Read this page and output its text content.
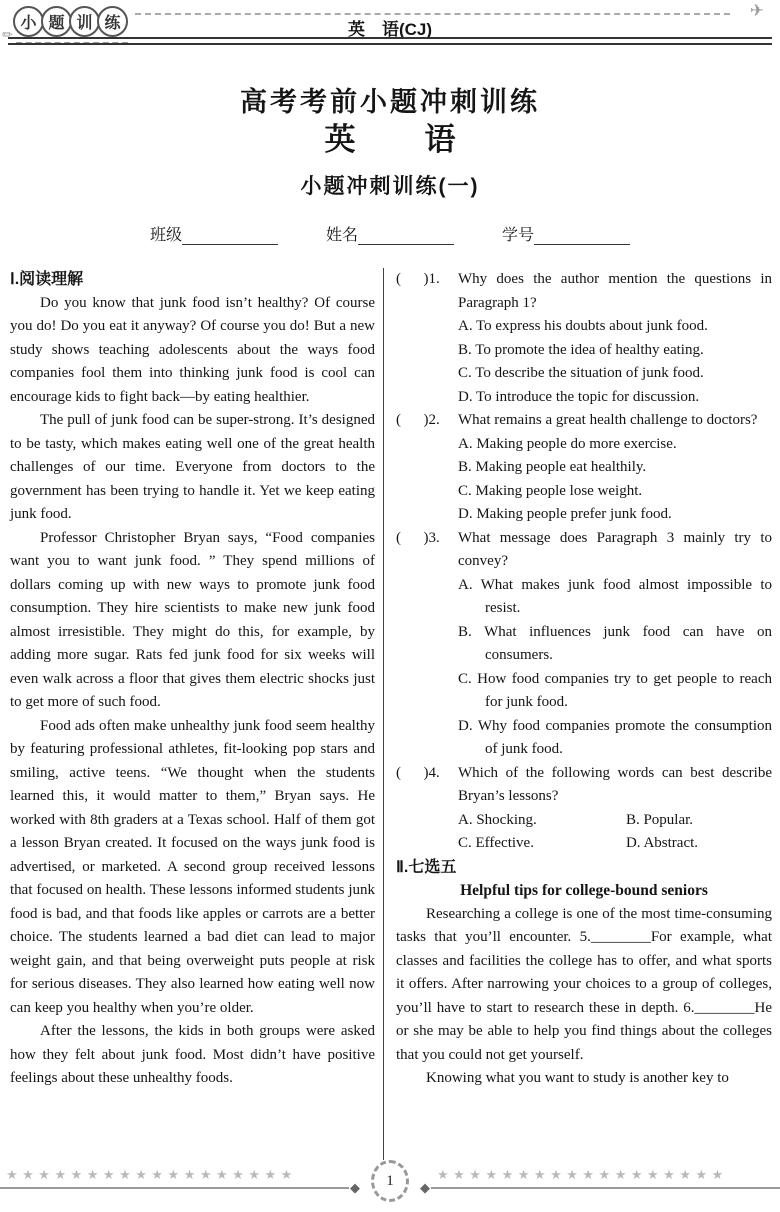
小 题 训 练
✏
✈
英　语(CJ)
高考考前小题冲刺训练
英        语
小题冲刺训练(一)
班级	姓名	学号
Ⅰ.阅读理解

Do you know that junk food isn’t healthy? Of course you do! Do you eat it anyway? Of course you do! But a new study shows teaching adolescents about the ways food companies fool them into thinking junk food is cool can encourage kids to fight back—by eating healthier.

The pull of junk food can be super-strong. It’s designed to be tasty, which makes eating well one of the great health challenges of our time. Everyone from doctors to the government has been trying to handle it. Yet we keep eating junk food.

Professor Christopher Bryan says, “Food companies want you to want junk food. ” They spend millions of dollars coming up with new ways to promote junk food consumption. They hire scientists to make new junk food almost irresistible. They might do this, for example, by adding more sugar. Rats fed junk food for six weeks will even walk across a floor that gives them electric shocks just to get more of such food.

Food ads often make unhealthy junk food seem healthy by featuring professional athletes, fit-looking pop stars and smiling, active teens. “We thought when the students learned this, it would matter to them,” Bryan says. He worked with 8th graders at a Texas school. Half of them got a lesson Bryan created. It focused on the ways junk food is advertised, or marketed. A second group received lessons that focused on health. These lessons informed students junk food is bad, and that foods like apples or carrots are a better choice. The students learned a bad diet can lead to major weight gain, and that being overweight puts people at risk for serious diseases. They also learned how eating well now can keep you healthy when you’re older.

After the lessons, the kids in both groups were asked how they felt about junk food. Most didn’t have positive feelings about these unhealthy foods.

(      )1.	Why does the author mention the questions in Paragraph 1?
A. To express his doubts about junk food.
B. To promote the idea of healthy eating.
C. To describe the situation of junk food.
D. To introduce the topic for discussion.
(      )2.	What remains a great health challenge to doctors?
A. Making people do more exercise.
B. Making people eat healthily.
C. Making people lose weight.
D. Making people prefer junk food.
(      )3.	What message does Paragraph 3 mainly try to convey?
A. What makes junk food almost impossible to resist.
B. What influences junk food can have on consumers.
C. How food companies try to get people to reach for junk food.
D. Why food companies promote the consumption of junk food.
(      )4.	Which of the following words can best describe Bryan’s lessons?
A. Shocking.	B. Popular.
C. Effective.	D. Abstract.
Ⅱ.七选五
Helpful tips for college-bound seniors

Researching a college is one of the most time-consuming tasks that you’ll encounter. 5.________For example, what classes and facilities the college has to offer, and what sports it offers. After narrowing your choices to a group of colleges, you’ll have to start to research these in depth. 6.________He or she may be able to help you find things about the colleges that you could not get yourself.

Knowing what you want to study is another key to

★★★★★★★★★★★★★★★★★★
◆ 1	★★★★★★★★★★★★★★★★★★
◆
